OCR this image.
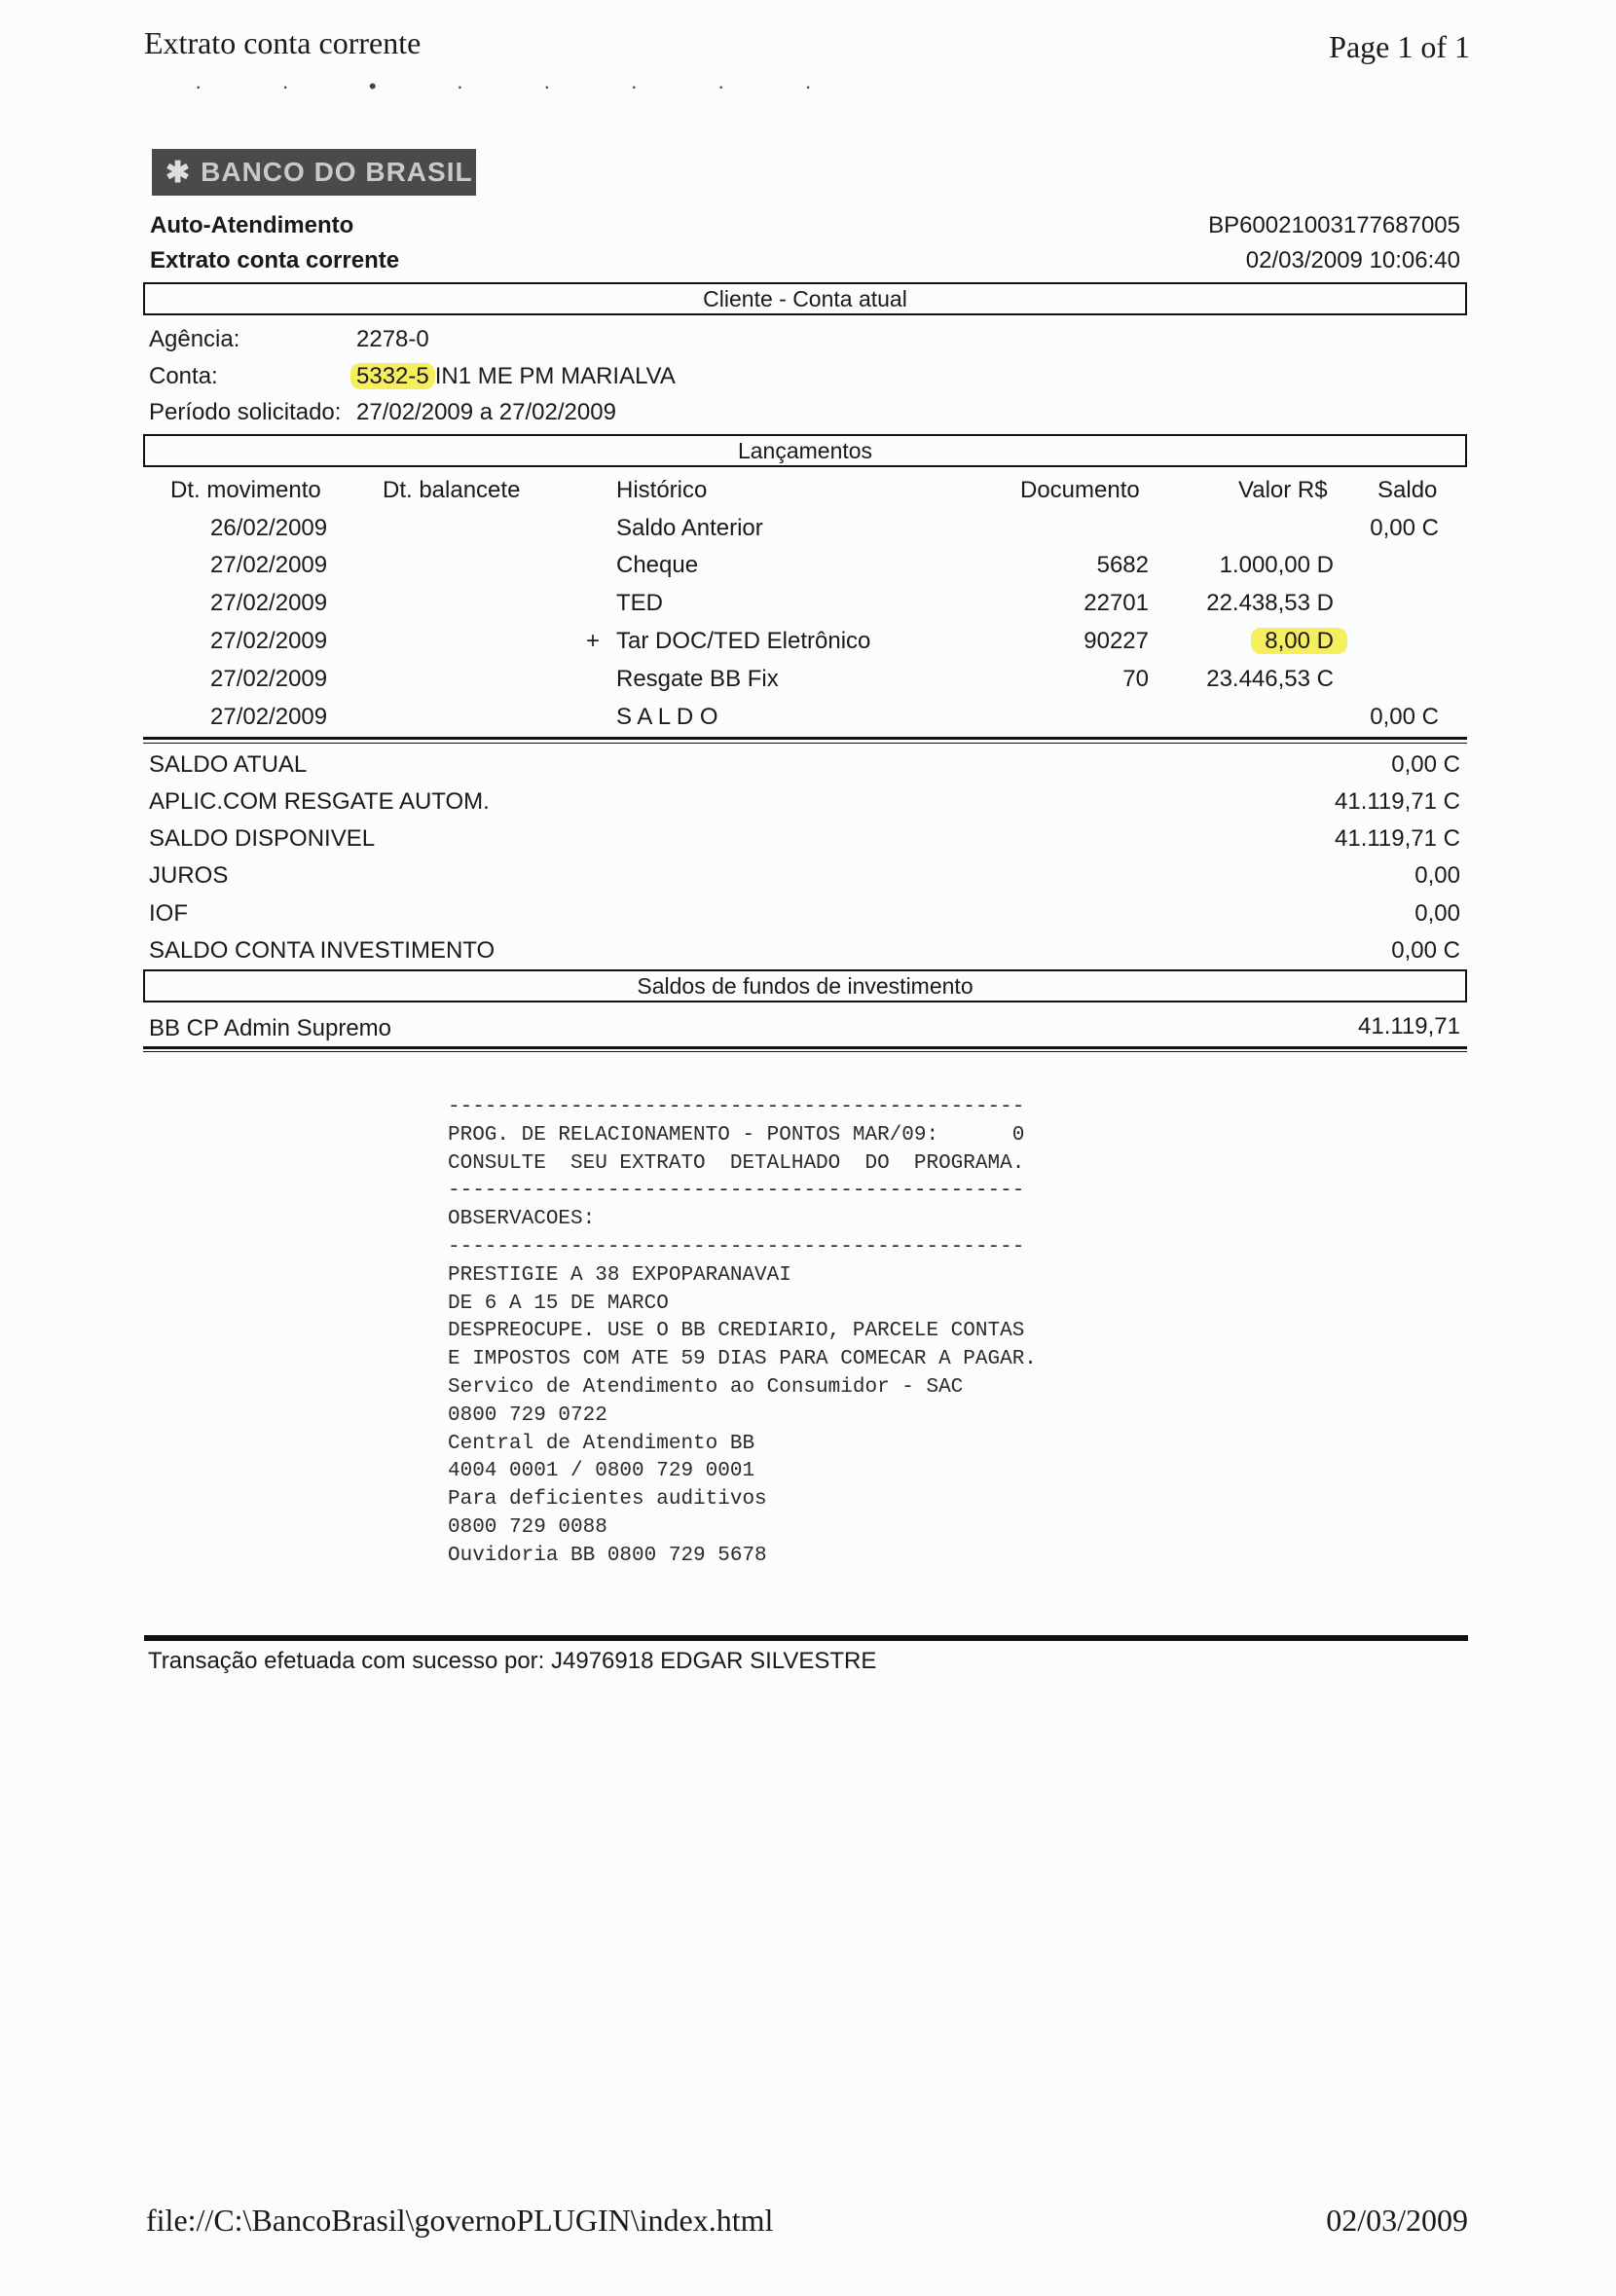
Extrato conta corrente	Page 1 of 1
· · • · · · · ·
✱ BANCO DO BRASIL
Auto-Atendimento
Extrato conta corrente
BP60021003177687005
02/03/2009 10:06:40
Cliente - Conta atual
Agência:	2278-0
Conta:	5332-5 IN1 ME PM MARIALVA
Período solicitado: 27/02/2009 a 27/02/2009
Lançamentos
Dt. movimento	Dt. balancete	Histórico	Documento	Valor R$ Saldo
26/02/2009	Saldo Anterior	0,00 C
27/02/2009	Cheque	5682	1.000,00 D
27/02/2009	TED	22701 22.438,53 D
27/02/2009	+ Tar DOC/TED Eletrônico	90227	8,00 D
27/02/2009	Resgate BB Fix	70 23.446,53 C
27/02/2009	S A L D O	0,00 C
SALDO ATUAL	0,00 C
APLIC.COM RESGATE AUTOM.	41.119,71 C
SALDO DISPONIVEL	41.119,71 C
JUROS	0,00
IOF	0,00
SALDO CONTA INVESTIMENTO	0,00 C
Saldos de fundos de investimento
BB CP Admin Supremo	41.119,71
-----------------------------------------------
PROG. DE RELACIONAMENTO - PONTOS MAR/09:      0
CONSULTE  SEU EXTRATO  DETALHADO  DO  PROGRAMA.
-----------------------------------------------
OBSERVACOES:
-----------------------------------------------
PRESTIGIE A 38 EXPOPARANAVAI
DE 6 A 15 DE MARCO
DESPREOCUPE. USE O BB CREDIARIO, PARCELE CONTAS
E IMPOSTOS COM ATE 59 DIAS PARA COMECAR A PAGAR.
Servico de Atendimento ao Consumidor - SAC
0800 729 0722
Central de Atendimento BB
4004 0001 / 0800 729 0001
Para deficientes auditivos
0800 729 0088
Ouvidoria BB 0800 729 5678
Transação efetuada com sucesso por: J4976918 EDGAR SILVESTRE
file://C:\BancoBrasil\governoPLUGIN\index.html	02/03/2009
